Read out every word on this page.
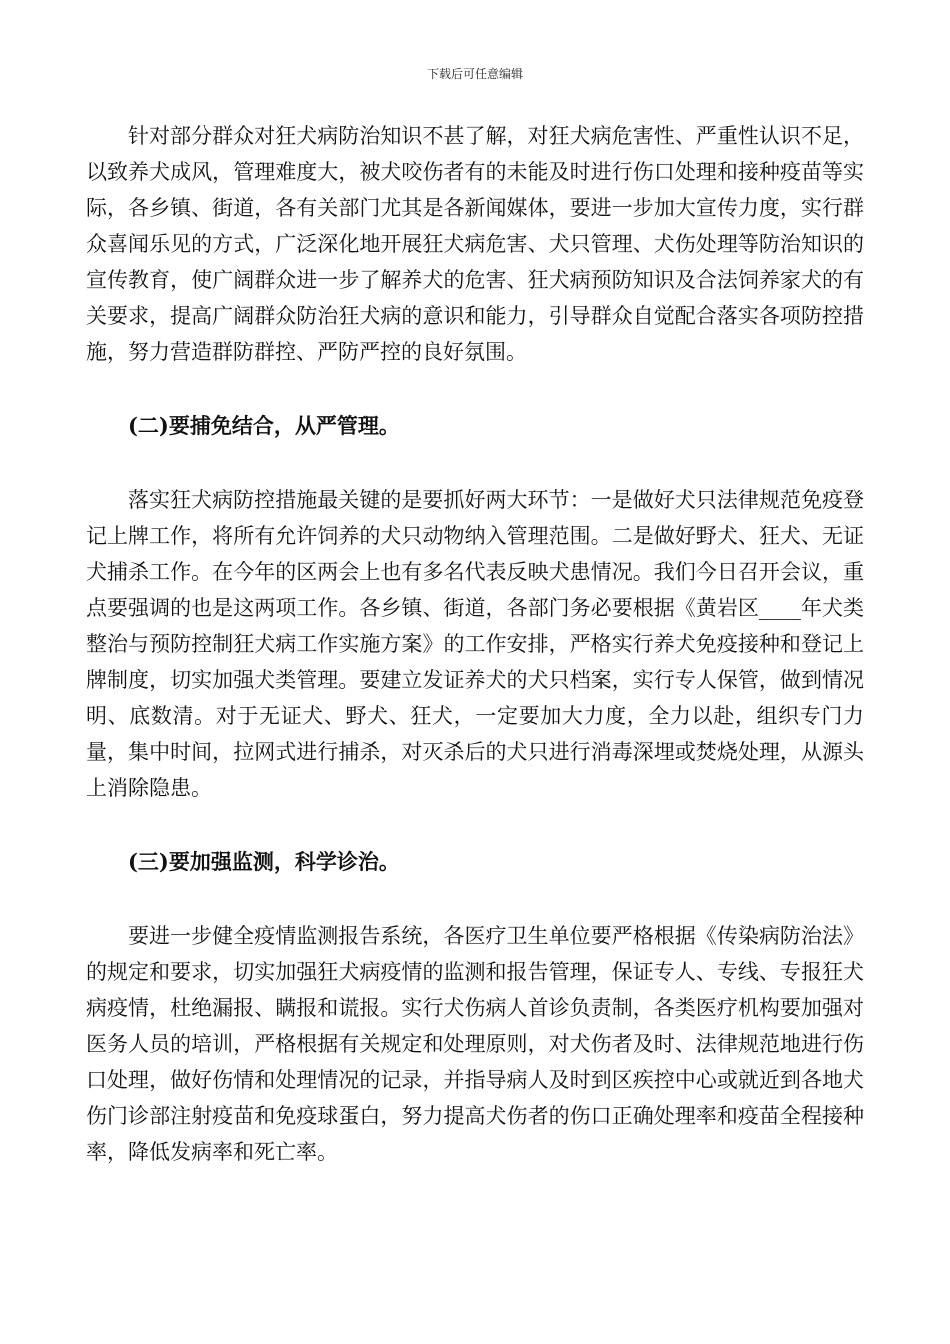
下载后可任意编辑

针对部分群众对狂犬病防治知识不甚了解，对狂犬病危害性、严重性认识不足，以致养犬成风，管理难度大，被犬咬伤者有的未能及时进行伤口处理和接种疫苗等实际，各乡镇、街道，各有关部门尤其是各新闻媒体，要进一步加大宣传力度，实行群众喜闻乐见的方式，广泛深化地开展狂犬病危害、犬只管理、犬伤处理等防治知识的宣传教育，使广阔群众进一步了解养犬的危害、狂犬病预防知识及合法饲养家犬的有关要求，提高广阔群众防治狂犬病的意识和能力，引导群众自觉配合落实各项防控措施，努力营造群防群控、严防严控的良好氛围。

(二)要捕免结合，从严管理。

落实狂犬病防控措施最关键的是要抓好两大环节：一是做好犬只法律规范免疫登记上牌工作，将所有允许饲养的犬只动物纳入管理范围。二是做好野犬、狂犬、无证犬捕杀工作。在今年的区两会上也有多名代表反映犬患情况。我们今日召开会议，重点要强调的也是这两项工作。各乡镇、街道，各部门务必要根据《黄岩区____年犬类整治与预防控制狂犬病工作实施方案》的工作安排，严格实行养犬免疫接种和登记上牌制度，切实加强犬类管理。要建立发证养犬的犬只档案，实行专人保管，做到情况明、底数清。对于无证犬、野犬、狂犬，一定要加大力度，全力以赴，组织专门力量，集中时间，拉网式进行捕杀，对灭杀后的犬只进行消毒深埋或焚烧处理，从源头上消除隐患。

(三)要加强监测，科学诊治。

要进一步健全疫情监测报告系统，各医疗卫生单位要严格根据《传染病防治法》的规定和要求，切实加强狂犬病疫情的监测和报告管理，保证专人、专线、专报狂犬病疫情，杜绝漏报、瞒报和谎报。实行犬伤病人首诊负责制，各类医疗机构要加强对医务人员的培训，严格根据有关规定和处理原则，对犬伤者及时、法律规范地进行伤口处理，做好伤情和处理情况的记录，并指导病人及时到区疾控中心或就近到各地犬伤门诊部注射疫苗和免疫球蛋白，努力提高犬伤者的伤口正确处理率和疫苗全程接种率，降低发病率和死亡率。
